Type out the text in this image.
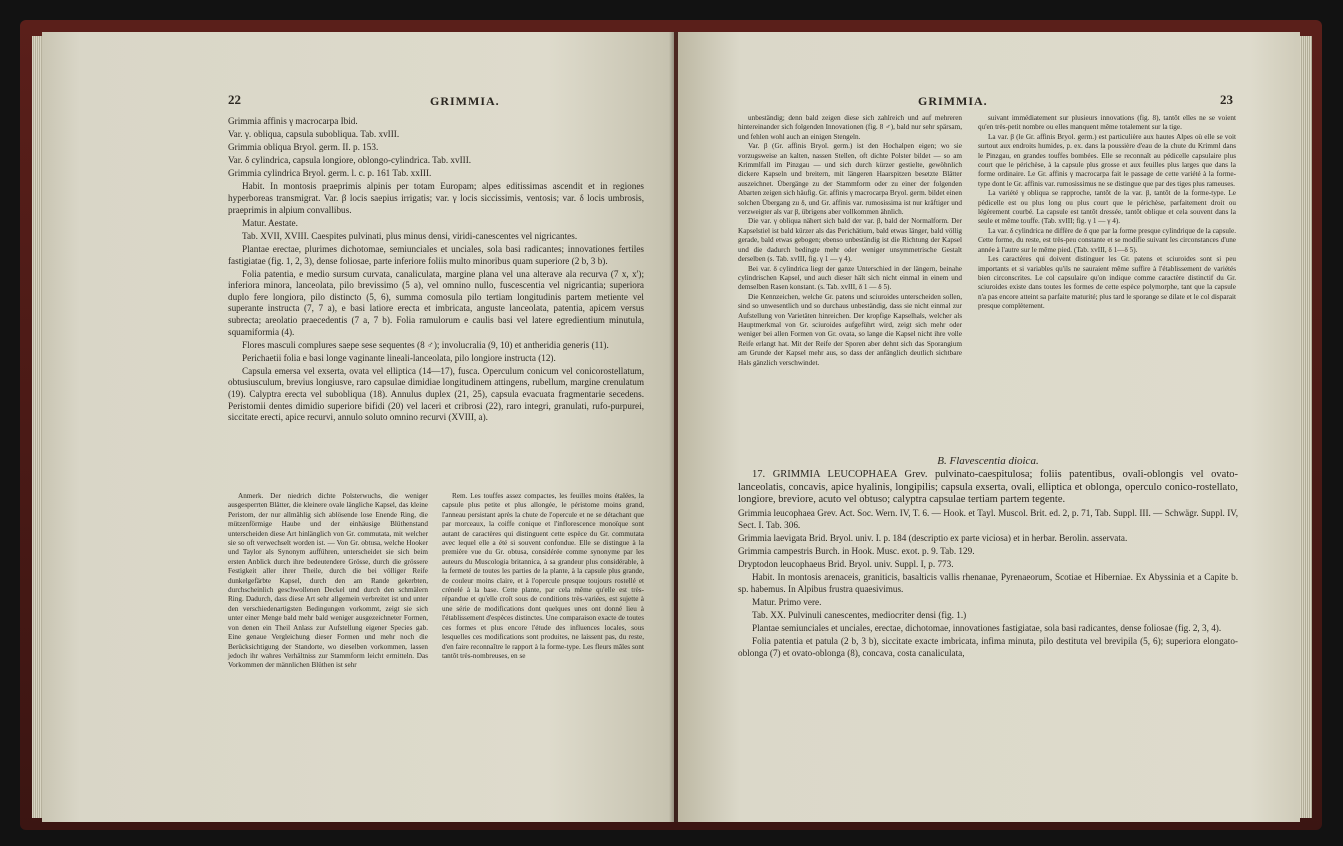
22	GRIMMIA.

Grimmia affinis γ macrocarpa Ibid.

Var. γ. obliqua, capsula subobliqua. Tab. xvIII.

Grimmia obliqua Bryol. germ. II. p. 153.

Var. δ cylindrica, capsula longiore, oblongo-cylindrica. Tab. xvIII.

Grimmia cylindrica Bryol. germ. l. c. p. 161 Tab. xxIII.

Habit. In montosis praeprimis alpinis per totam Europam; alpes editissimas ascendit et in regiones hyperboreas transmigrat. Var. β locis saepius irrigatis; var. γ locis siccissimis, ventosis; var. δ locis umbrosis, praeprimis in alpium convallibus.

Matur. Aestate.

Tab. XVII, XVIII. Caespites pulvinati, plus minus densi, viridi-canescentes vel nigricantes.

Plantae erectae, plurimes dichotomae, semiunciales et unciales, sola basi radicantes; innovationes fertiles fastigiatae (fig. 1, 2, 3), dense foliosae, parte inferiore foliis multo minoribus quam superiore (2 b, 3 b).

Folia patentia, e medio sursum curvata, canaliculata, margine plana vel una alterave ala recurva (7 x, x'); inferiora minora, lanceolata, pilo brevissimo (5 a), vel omnino nullo, fuscescentia vel nigricantia; superiora duplo fere longiora, pilo distincto (5, 6), summa comosula pilo tertiam longitudinis partem metiente vel superante instructa (7, 7 a), e basi latiore erecta et imbricata, anguste lanceolata, patentia, apicem versus subrecta; areolatio praecedentis (7 a, 7 b). Folia ramulorum e caulis basi vel latere egredientium minutula, squamiformia (4).

Flores masculi complures saepe sese sequentes (8 ♂); involucralia (9, 10) et antheridia generis (11).

Perichaetii folia e basi longe vaginante lineali-lanceolata, pilo longiore instructa (12).

Capsula emersa vel exserta, ovata vel elliptica (14—17), fusca. Operculum conicum vel conicorostellatum, obtusiusculum, brevius longiusve, raro capsulae dimidiae longitudinem attingens, rubellum, margine crenulatum (19). Calyptra erecta vel subobliqua (18). Annulus duplex (21, 25), capsula evacuata fragmentarie secedens. Peristomii dentes dimidio superiore bifidi (20) vel laceri et cribrosi (22), raro integri, granulati, rufo-purpurei, siccitate erecti, apice recurvi, annulo soluto omnino recurvi (XVIII, a).

Anmerk. Der niedrich dichte Polsterwuchs, die weniger ausgesperrten Blätter, die kleinere ovale längliche Kapsel, das kleine Peristom, der nur allmählig sich ablösende lose Enende Ring, die mützenförmige Haube und der einhäusige Blüthenstand unterscheiden diese Art hinlänglich von Gr. commutata, mit welcher sie so oft verwechselt worden ist. — Von Gr. obtusa, welche Hooker und Taylor als Synonym aufführen, unterscheidet sie sich beim ersten Anblick durch ihre bedeutendere Grösse, durch die grössere Festigkeit aller ihrer Theile, durch die bei völliger Reife dunkelgefärbte Kapsel, durch den am Rande gekerbten, durchscheinlich geschwollenen Deckel und durch den schmälern Ring. Dadurch, dass diese Art sehr allgemein verbreitet ist und unter den verschiedenartigsten Bedingungen vorkommt, zeigt sie sich unter einer Menge bald mehr bald weniger ausgezeichneter Formen, von denen ein Theil Anlass zur Aufstellung eigener Species gab. Eine genaue Vergleichung dieser Formen und mehr noch die Berücksichtigung der Standorte, wo dieselben vorkommen, lassen jedoch ihr wahres Verhältniss zur Stammform leicht ermitteln. Das Vorkommen der männlichen Blüthen ist sehr

Rem. Les touffes assez compactes, les feuilles moins étalées, la capsule plus petite et plus allongée, le péristome moins grand, l'anneau persistant après la chute de l'opercule et ne se détachant que par morceaux, la coiffe conique et l'inflorescence monoïque sont autant de caractères qui distinguent cette espèce du Gr. commutata avec lequel elle a été si souvent confondue. Elle se distingue à la première vue du Gr. obtusa, considérée comme synonyme par les auteurs du Muscologia britannica, à sa grandeur plus considérable, à la fermeté de toutes les parties de la plante, à la capsule plus grande, de couleur moins claire, et à l'opercule presque toujours rostellé et crénelé à la base. Cette plante, par cela même qu'elle est très-répandue et qu'elle croît sous de conditions très-variées, est sujette à une série de modifications dont quelques unes ont donné lieu à l'établissement d'espèces distinctes. Une comparaison exacte de toutes ces formes et plus encore l'étude des influences locales, sous lesquelles ces modifications sont produites, ne laissent pas, du reste, d'en faire reconnaître le rapport à la forme-type. Les fleurs mâles sont tantôt très-nombreuses, en se

GRIMMIA.	23

unbeständig; denn bald zeigen diese sich zahlreich und auf mehreren hintereinander sich folgenden Innovationen (fig. 8 ♂), bald nur sehr spärsam, und fehlen wohl auch an einigen Stengeln.

Var. β (Gr. affinis Bryol. germ.) ist den Hochalpen eigen; wo sie vorzugsweise an kalten, nassen Stellen, oft dichte Polster bildet — so am Krimmlfall im Pinzgau — und sich durch kürzer gestielte, gewöhnlich dickere Kapseln und breitern, mit längeren Haarspitzen besetzte Blätter auszeichnet. Übergänge zu der Stammform oder zu einer der folgenden Abarten zeigen sich häufig. Gr. affinis γ macrocarpa Bryol. germ. bildet einen solchen Übergang zu δ, und Gr. affinis var. rumosissima ist nur kräftiger und verzweigter als var β, übrigens aber vollkommen ähnlich.

Die var. γ obliqua nähert sich bald der var. β, bald der Normalform. Der Kapselstiel ist bald kürzer als das Perichätium, bald etwas länger, bald völlig gerade, bald etwas gebogen; ebenso unbeständig ist die Richtung der Kapsel und die dadurch bedingte mehr oder weniger unsymmetrische Gestalt derselben (s. Tab. xvIII, fig. γ 1 — γ 4).

Bei var. δ cylindrica liegt der ganze Unterschied in der längern, beinahe cylindrischen Kapsel, und auch dieser hält sich nicht einmal in einem und demselben Rasen konstant. (s. Tab. xvIII, δ 1 — δ 5).

Die Kennzeichen, welche Gr. patens und sciuroides unterscheiden sollen, sind so unwesentlich und so durchaus unbeständig, dass sie nicht einmal zur Aufstellung von Varietäten hinreichen. Der kropfige Kapselhals, welcher als Hauptmerkmal von Gr. sciuroides aufgeführt wird, zeigt sich mehr oder weniger bei allen Formen von Gr. ovata, so lange die Kapsel nicht ihre volle Reife erlangt hat. Mit der Reife der Sporen aber dehnt sich das Sporangium am Grunde der Kapsel mehr aus, so dass der anfänglich deutlich sichtbare Hals gänzlich verschwindet.

suivant immédiatement sur plusieurs innovations (fig. 8), tantôt elles ne se voient qu'en très-petit nombre ou elles manquent même totalement sur la tige.

La var. β (le Gr. affinis Bryol. germ.) est particulière aux hautes Alpes où elle se voit surtout aux endroits humides, p. ex. dans la poussière d'eau de la chute du Krimml dans le Pinzgau, en grandes touffes bombées. Elle se reconnaît au pédicelle capsulaire plus court que le périchèse, à la capsule plus grosse et aux feuilles plus larges que dans la forme ordinaire. Le Gr. affinis γ macrocarpa fait le passage de cette variété à la forme-type dont le Gr. affinis var. rumosissimus ne se distingue que par des tiges plus rameuses.

La variété γ obliqua se rapproche, tantôt de la var. β, tantôt de la forme-type. Le pédicelle est ou plus long ou plus court que le périchèse, parfaitement droit ou légèrement courbé. La capsule est tantôt dressée, tantôt oblique et cela souvent dans la seule et même touffe. (Tab. xvIII; fig. γ 1 — γ 4).

La var. δ cylindrica ne diffère de δ que par la forme presque cylindrique de la capsule. Cette forme, du reste, est très-peu constante et se modifie suivant les circonstances d'une année à l'autre sur le même pied. (Tab. xvIII, δ 1—δ 5).

Les caractères qui doivent distinguer les Gr. patens et sciuroides sont si peu importants et si variables qu'ils ne sauraient même suffire à l'établissement de variétés bien circonscrites. Le col capsulaire qu'on indique comme caractère distinctif du Gr. sciuroides existe dans toutes les formes de cette espèce polymorphe, tant que la capsule n'a pas encore atteint sa parfaite maturité; plus tard le sporange se dilate et le col disparait presque complètement.

B. Flavescentia dioica.

17. GRIMMIA LEUCOPHAEA Grev. pulvinato-caespitulosa; foliis patentibus, ovali-oblongis vel ovato-lanceolatis, concavis, apice hyalinis, longipilis; capsula exserta, ovali, elliptica et oblonga, operculo conico-rostellato, longiore, breviore, acuto vel obtuso; calyptra capsulae tertiam partem tegente.

Grimmia leucophaea Grev. Act. Soc. Wern. IV, T. 6. — Hook. et Tayl. Muscol. Brit. ed. 2, p. 71, Tab. Suppl. III. — Schwägr. Suppl. IV, Sect. I. Tab. 306.

Grimmia laevigata Brid. Bryol. univ. I. p. 184 (descriptio ex parte viciosa) et in herbar. Berolin. asservata.

Grimmia campestris Burch. in Hook. Musc. exot. p. 9. Tab. 129.

Dryptodon leucophaeus Brid. Bryol. univ. Suppl. I, p. 773.

Habit. In montosis arenaceis, graniticis, basalticis vallis rhenanae, Pyrenaeorum, Scotiae et Hiberniae. Ex Abyssinia et a Capite b. sp. habemus. In Alpibus frustra quaesivimus.

Matur. Primo vere.

Tab. XX. Pulvinuli canescentes, mediocriter densi (fig. 1.)

Plantae semiunciales et unciales, erectae, dichotomae, innovationes fastigiatae, sola basi radicantes, dense foliosae (fig. 2, 3, 4).

Folia patentia et patula (2 b, 3 b), siccitate exacte imbricata, infima minuta, pilo destituta vel brevipila (5, 6); superiora elongato-oblonga (7) et ovato-oblonga (8), concava, costa canaliculata,
